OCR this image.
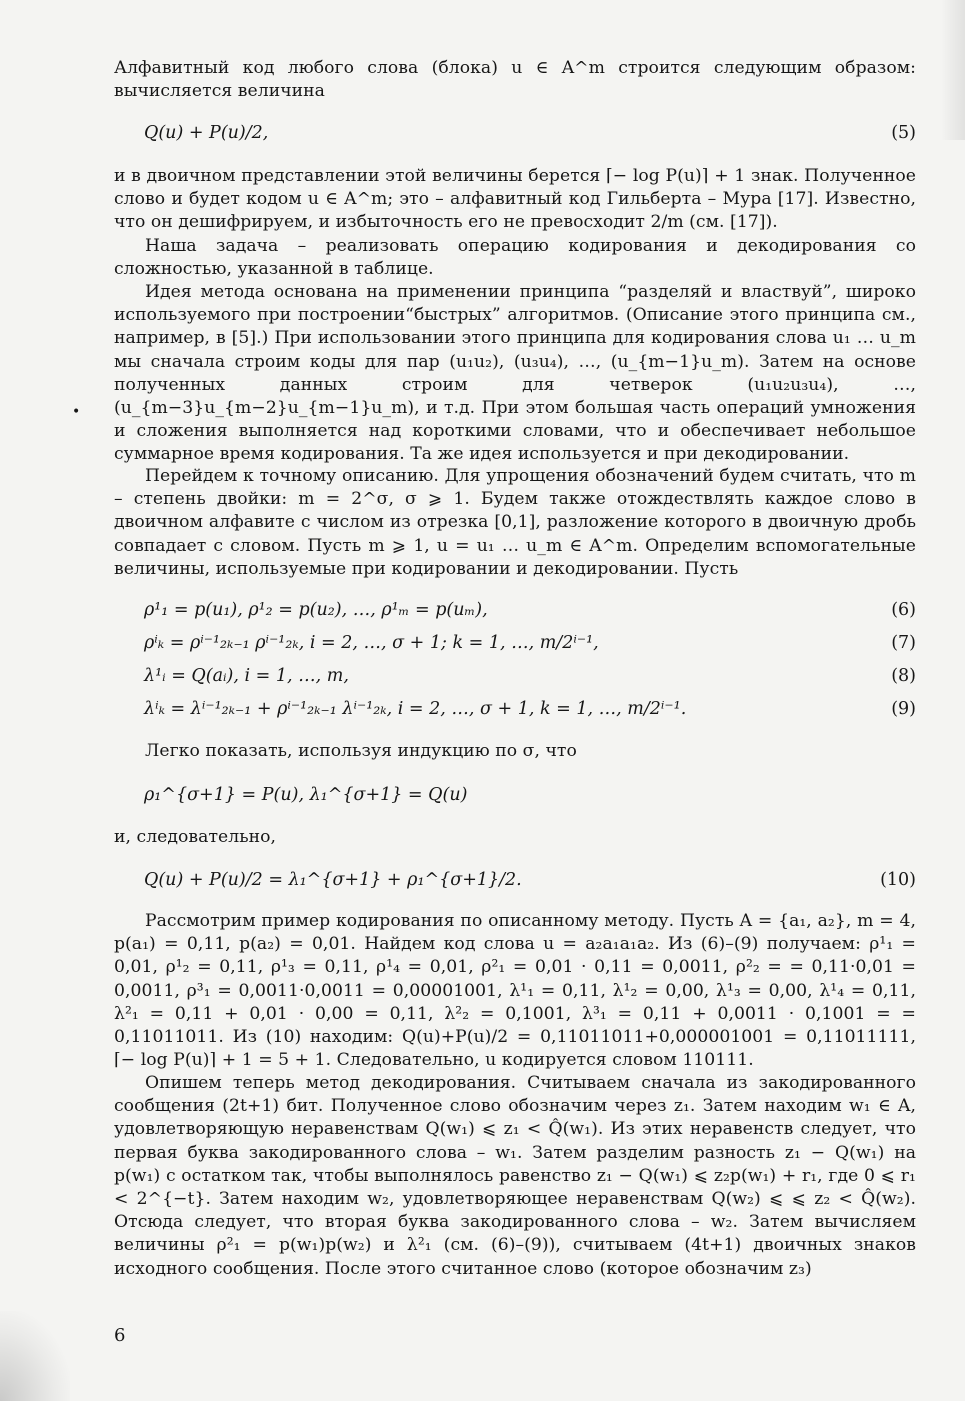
•

Алфавитный код любого слова (блока) u ∈ A^m строится следующим образом: вычисляется величина

Q(u) + P(u)/2,	(5)

и в двоичном представлении этой величины берется ⌈− log P(u)⌉ + 1 знак. Полученное слово и будет кодом u ∈ A^m; это – алфавитный код Гильберта – Мура [17]. Известно, что он дешифрируем, и избыточность его не превосходит 2/m (см. [17]).

Наша задача – реализовать операцию кодирования и декодирования со сложностью, указанной в таблице.

Идея метода основана на применении принципа “разделяй и властвуй”, широко используемого при построении“быстрых” алгоритмов. (Описание этого принципа см., например, в [5].) При использовании этого принципа для кодирования слова u₁ … u_m мы сначала строим коды для пар (u₁u₂), (u₃u₄), …, (u_{m−1}u_m). Затем на основе полученных данных строим для четверок (u₁u₂u₃u₄), …, (u_{m−3}u_{m−2}u_{m−1}u_m), и т.д. При этом большая часть операций умножения и сложения выполняется над короткими словами, что и обеспечивает небольшое суммарное время кодирования. Та же идея используется и при декодировании.

Перейдем к точному описанию. Для упрощения обозначений будем считать, что m – степень двойки: m = 2^σ, σ ⩾ 1. Будем также отождествлять каждое слово в двоичном алфавите с числом из отрезка [0,1], разложение которого в двоичную дробь совпадает с словом. Пусть m ⩾ 1, u = u₁ … u_m ∈ A^m. Определим вспомогательные величины, используемые при кодировании и декодировании. Пусть

ρ¹₁ = p(u₁), ρ¹₂ = p(u₂), …, ρ¹ₘ = p(uₘ),	(6)
ρⁱₖ = ρⁱ⁻¹₂ₖ₋₁ ρⁱ⁻¹₂ₖ, i = 2, …, σ + 1; k = 1, …, m/2ⁱ⁻¹,	(7)
λ¹ᵢ = Q(aᵢ), i = 1, …, m,	(8)
λⁱₖ = λⁱ⁻¹₂ₖ₋₁ + ρⁱ⁻¹₂ₖ₋₁ λⁱ⁻¹₂ₖ, i = 2, …, σ + 1, k = 1, …, m/2ⁱ⁻¹.	(9)

Легко показать, используя индукцию по σ, что

ρ₁^{σ+1} = P(u), λ₁^{σ+1} = Q(u)

и, следовательно,

Q(u) + P(u)/2 = λ₁^{σ+1} + ρ₁^{σ+1}/2.	(10)

Рассмотрим пример кодирования по описанному методу. Пусть A = {a₁, a₂}, m = 4, p(a₁) = 0,11, p(a₂) = 0,01. Найдем код слова u = a₂a₁a₁a₂. Из (6)–(9) получаем: ρ¹₁ = 0,01, ρ¹₂ = 0,11, ρ¹₃ = 0,11, ρ¹₄ = 0,01, ρ²₁ = 0,01 · 0,11 = 0,0011, ρ²₂ = = 0,11·0,01 = 0,0011, ρ³₁ = 0,0011·0,0011 = 0,00001001, λ¹₁ = 0,11, λ¹₂ = 0,00, λ¹₃ = 0,00, λ¹₄ = 0,11, λ²₁ = 0,11 + 0,01 · 0,00 = 0,11, λ²₂ = 0,1001, λ³₁ = 0,11 + 0,0011 · 0,1001 = = 0,11011011. Из (10) находим: Q(u)+P(u)/2 = 0,11011011+0,000001001 = 0,11011111, ⌈− log P(u)⌉ + 1 = 5 + 1. Следовательно, u кодируется словом 110111.

Опишем теперь метод декодирования. Считываем сначала из закодированного сообщения (2t+1) бит. Полученное слово обозначим через z₁. Затем находим w₁ ∈ A, удовлетворяющую неравенствам Q(w₁) ⩽ z₁ < Q̂(w₁). Из этих неравенств следует, что первая буква закодированного слова – w₁. Затем разделим разность z₁ − Q(w₁) на p(w₁) с остатком так, чтобы выполнялось равенство z₁ − Q(w₁) ⩽ z₂p(w₁) + r₁, где 0 ⩽ r₁ < 2^{−t}. Затем находим w₂, удовлетворяющее неравенствам Q(w₂) ⩽ ⩽ z₂ < Q̂(w₂). Отсюда следует, что вторая буква закодированного слова – w₂. Затем вычисляем величины ρ²₁ = p(w₁)p(w₂) и λ²₁ (см. (6)–(9)), считываем (4t+1) двоичных знаков исходного сообщения. После этого считанное слово (которое обозначим z₃)

6
